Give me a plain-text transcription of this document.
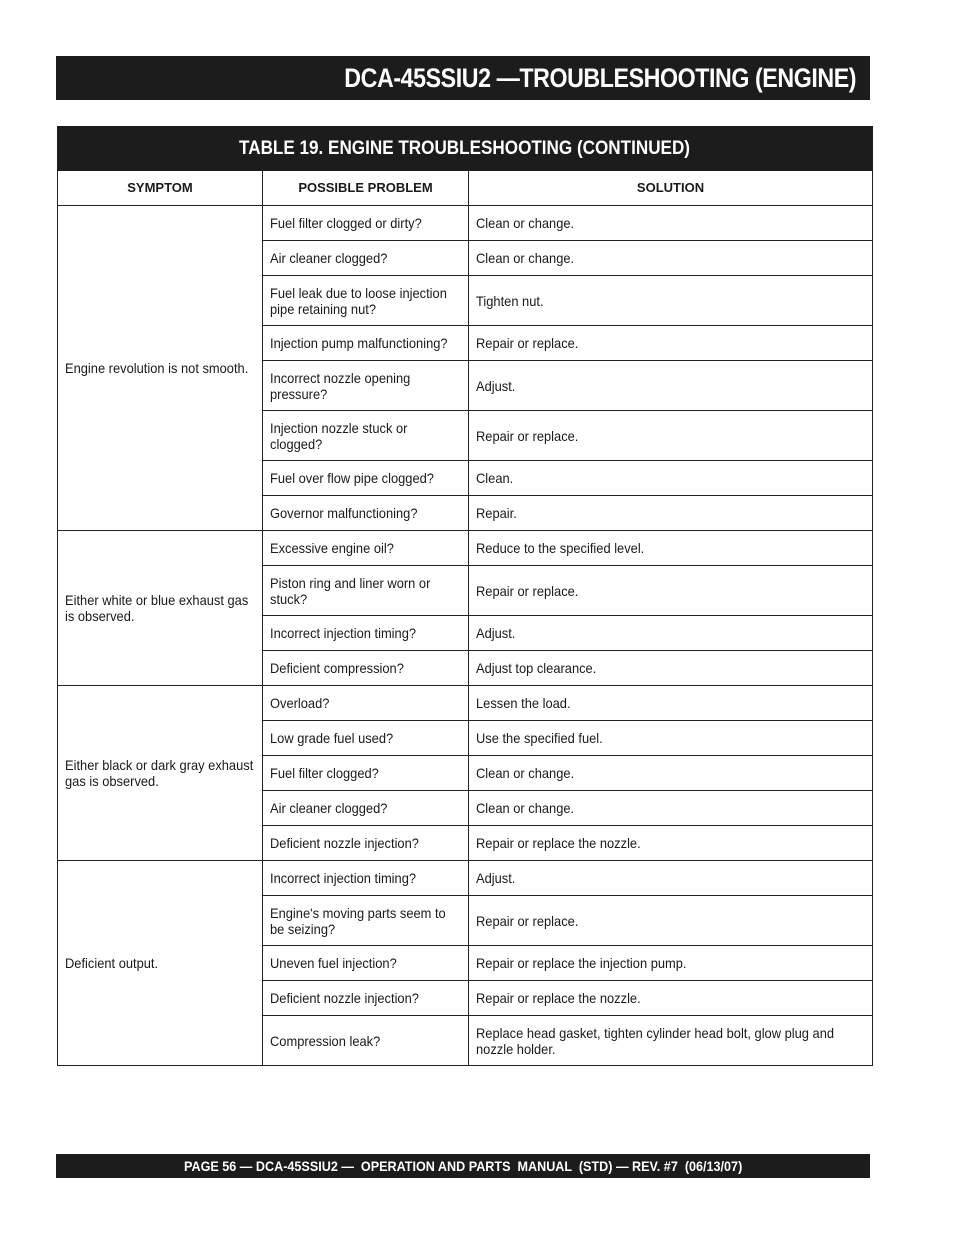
DCA-45SSIU2 —TROUBLESHOOTING (ENGINE)
TABLE 19. ENGINE TROUBLESHOOTING (CONTINUED)		
SYMPTOM	POSSIBLE PROBLEM	SOLUTION

Engine revolution is not smooth.	Fuel filter clogged or dirty?	Clean or change.
	Air cleaner clogged?	Clean or change.

	Fuel leak due to loose injection pipe retaining nut?	Tighten nut.
	Injection pump malfunctioning?	Repair or replace.

	Incorrect nozzle opening pressure?	Adjust.

	Injection nozzle stuck or clogged?	Repair or replace.
	Fuel over flow pipe clogged?	Clean.
	Governor malfunctioning?	Repair.

Either white or blue exhaust gas is observed.	Excessive engine oil?	Reduce to the specified level.

	Piston ring and liner worn or stuck?	Repair or replace.
	Incorrect injection timing?	Adjust.
	Deficient compression?	Adjust top clearance.

Either black or dark gray exhaust gas is observed.	Overload?	Lessen the load.
	Low grade fuel used?	Use the specified fuel.
	Fuel filter clogged?	Clean or change.
	Air cleaner clogged?	Clean or change.
	Deficient nozzle injection?	Repair or replace the nozzle.

Deficient output.	Incorrect injection timing?	Adjust.

	Engine's moving parts seem to be seizing?	Repair or replace.
	Uneven fuel injection?	Repair or replace the injection pump.
	Deficient nozzle injection?	Repair or replace the nozzle.
	Compression leak?	Replace head gasket, tighten cylinder head bolt, glow plug and nozzle holder.
PAGE 56 — DCA-45SSIU2 —  OPERATION AND PARTS  MANUAL  (STD) — REV. #7  (06/13/07)
